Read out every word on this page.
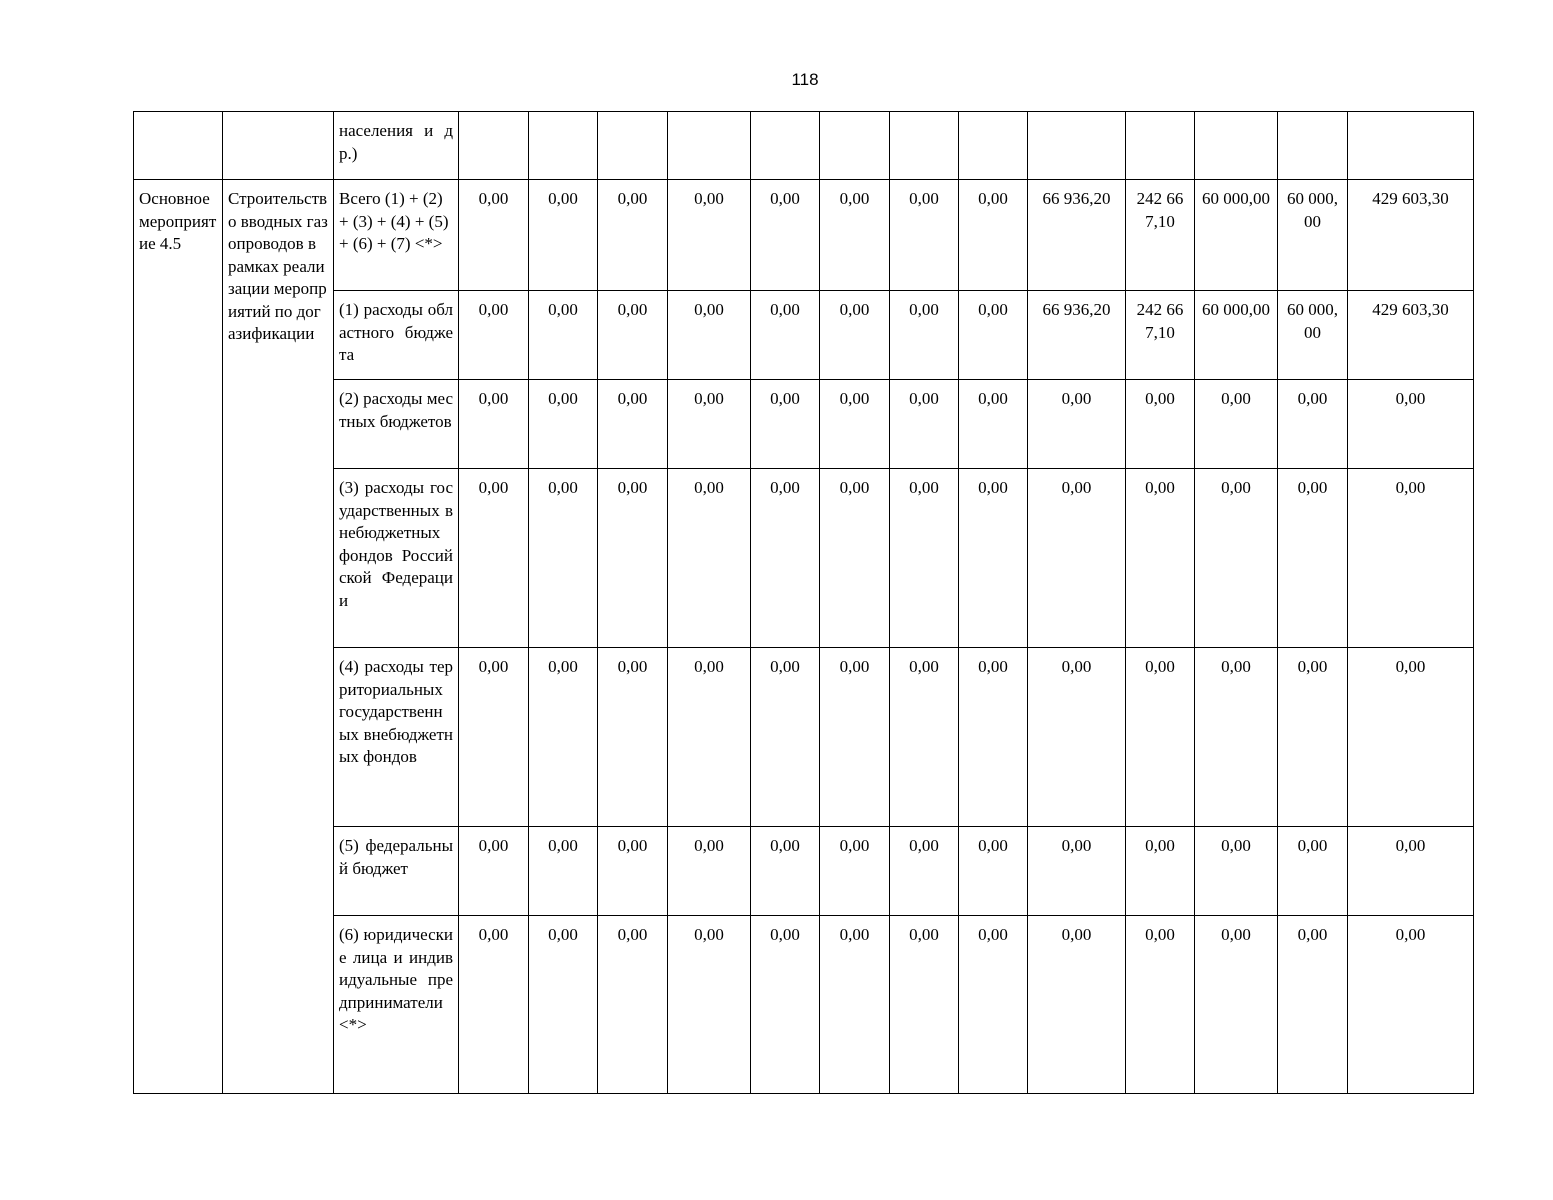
118
		населения и др.)													
Основное мероприятие 4.5	Строительство вводных газопроводов в рамках реализации мероприятий по догазификации	Всего (1) + (2) + (3) + (4) + (5) + (6) + (7) <*>	0,00	0,00	0,00	0,00	0,00	0,00	0,00	0,00	66 936,20	242 667,10	60 000,00	60 000,00	429 603,30
		(1) расходы областного бюджета	0,00	0,00	0,00	0,00	0,00	0,00	0,00	0,00	66 936,20	242 667,10	60 000,00	60 000,00	429 603,30
		(2) расходы местных бюджетов	0,00	0,00	0,00	0,00	0,00	0,00	0,00	0,00	0,00	0,00	0,00	0,00	0,00
		(3) расходы государственных внебюджетных фондов Российской Федерации	0,00	0,00	0,00	0,00	0,00	0,00	0,00	0,00	0,00	0,00	0,00	0,00	0,00
		(4) расходы территориальных государственных внебюджетных фондов	0,00	0,00	0,00	0,00	0,00	0,00	0,00	0,00	0,00	0,00	0,00	0,00	0,00
		(5) федеральный бюджет	0,00	0,00	0,00	0,00	0,00	0,00	0,00	0,00	0,00	0,00	0,00	0,00	0,00
		(6) юридические лица и индивидуальные предприниматели <*>	0,00	0,00	0,00	0,00	0,00	0,00	0,00	0,00	0,00	0,00	0,00	0,00	0,00
